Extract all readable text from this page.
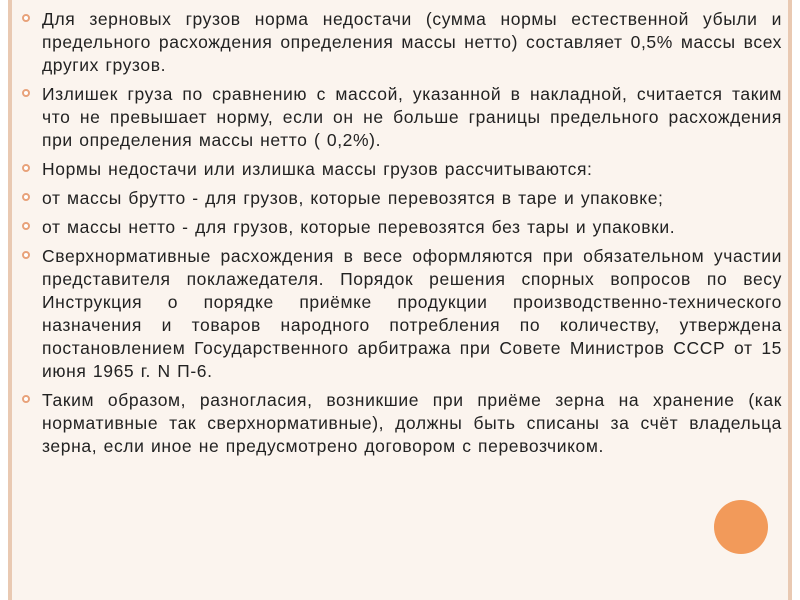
Для зерновых грузов норма недостачи (сумма нормы естественной убыли и предельного расхождения определения массы нетто) составляет 0,5% массы всех других грузов.
Излишек груза по сравнению с массой, указанной в накладной, считается таким что не превышает норму, если он не больше границы предельного расхождения при определения массы нетто ( 0,2%).
Нормы недостачи или излишка массы грузов рассчитываются:
от массы брутто - для грузов, которые перевозятся в таре и упаковке;
от массы нетто - для грузов, которые перевозятся без тары и упаковки.
Сверхнормативные расхождения в весе оформляются при обязательном участии представителя поклажедателя. Порядок решения спорных вопросов по весу Инструкция о порядке приёмке продукции производственно-технического назначения и товаров народного потребления по количеству, утверждена постановлением Государственного арбитража при Совете Министров СССР от 15 июня 1965 г. N П-6.
Таким образом, разногласия, возникшие при приёме зерна на хранение (как нормативные так сверхнормативные), должны быть списаны за счёт владельца зерна, если иное не предусмотрено договором с перевозчиком.
